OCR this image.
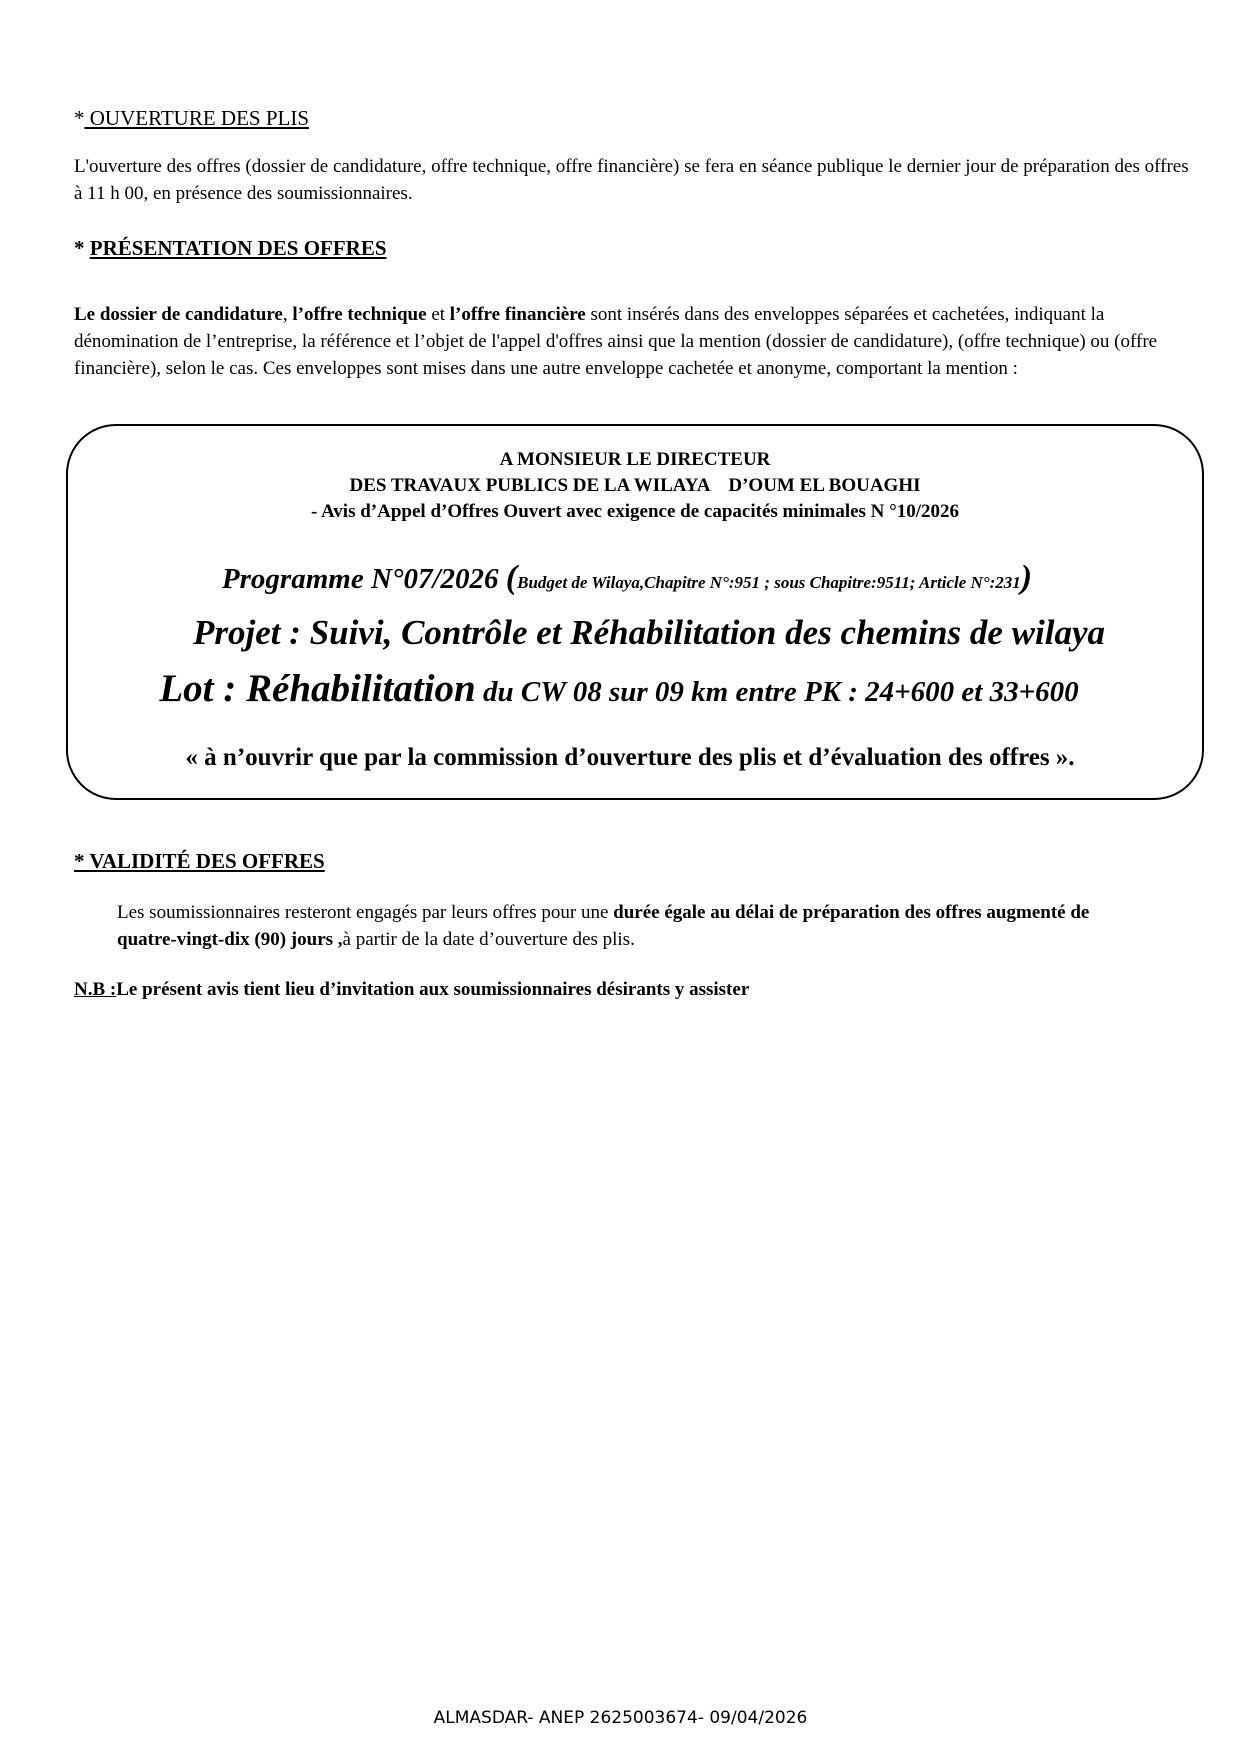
* OUVERTURE DES PLIS
L'ouverture des offres (dossier de candidature, offre technique, offre financière) se fera en séance publique le dernier jour de préparation des offres à 11 h 00, en présence des soumissionnaires.
* PRÉSENTATION DES OFFRES
Le dossier de candidature, l’offre technique et l’offre financière sont insérés dans des enveloppes séparées et cachetées, indiquant la dénomination de l’entreprise, la référence et l’objet de l'appel d'offres ainsi que la mention (dossier de candidature), (offre technique) ou (offre financière), selon le cas. Ces enveloppes sont mises dans une autre enveloppe cachetée et anonyme, comportant la mention :
A MONSIEUR LE DIRECTEUR
DES TRAVAUX PUBLICS DE LA WILAYA    D’OUM EL BOUAGHI
- Avis d’Appel d’Offres Ouvert avec exigence de capacités minimales N °10/2026
Programme N°07/2026 (Budget de Wilaya,Chapitre N°:951 ; sous Chapitre:9511; Article N°:231)
Projet : Suivi, Contrôle et Réhabilitation des chemins de wilaya
Lot : Réhabilitation du CW 08 sur 09 km entre PK : 24+600 et 33+600
« à n’ouvrir que par la commission d’ouverture des plis et d’évaluation des offres ».
* VALIDITÉ DES OFFRES
Les soumissionnaires resteront engagés par leurs offres pour une durée égale au délai de préparation des offres augmenté de quatre-vingt-dix (90) jours ,à partir de la date d’ouverture des plis.
N.B :Le présent avis tient lieu d’invitation aux soumissionnaires désirants y assister
ALMASDAR- ANEP 2625003674- 09/04/2026
